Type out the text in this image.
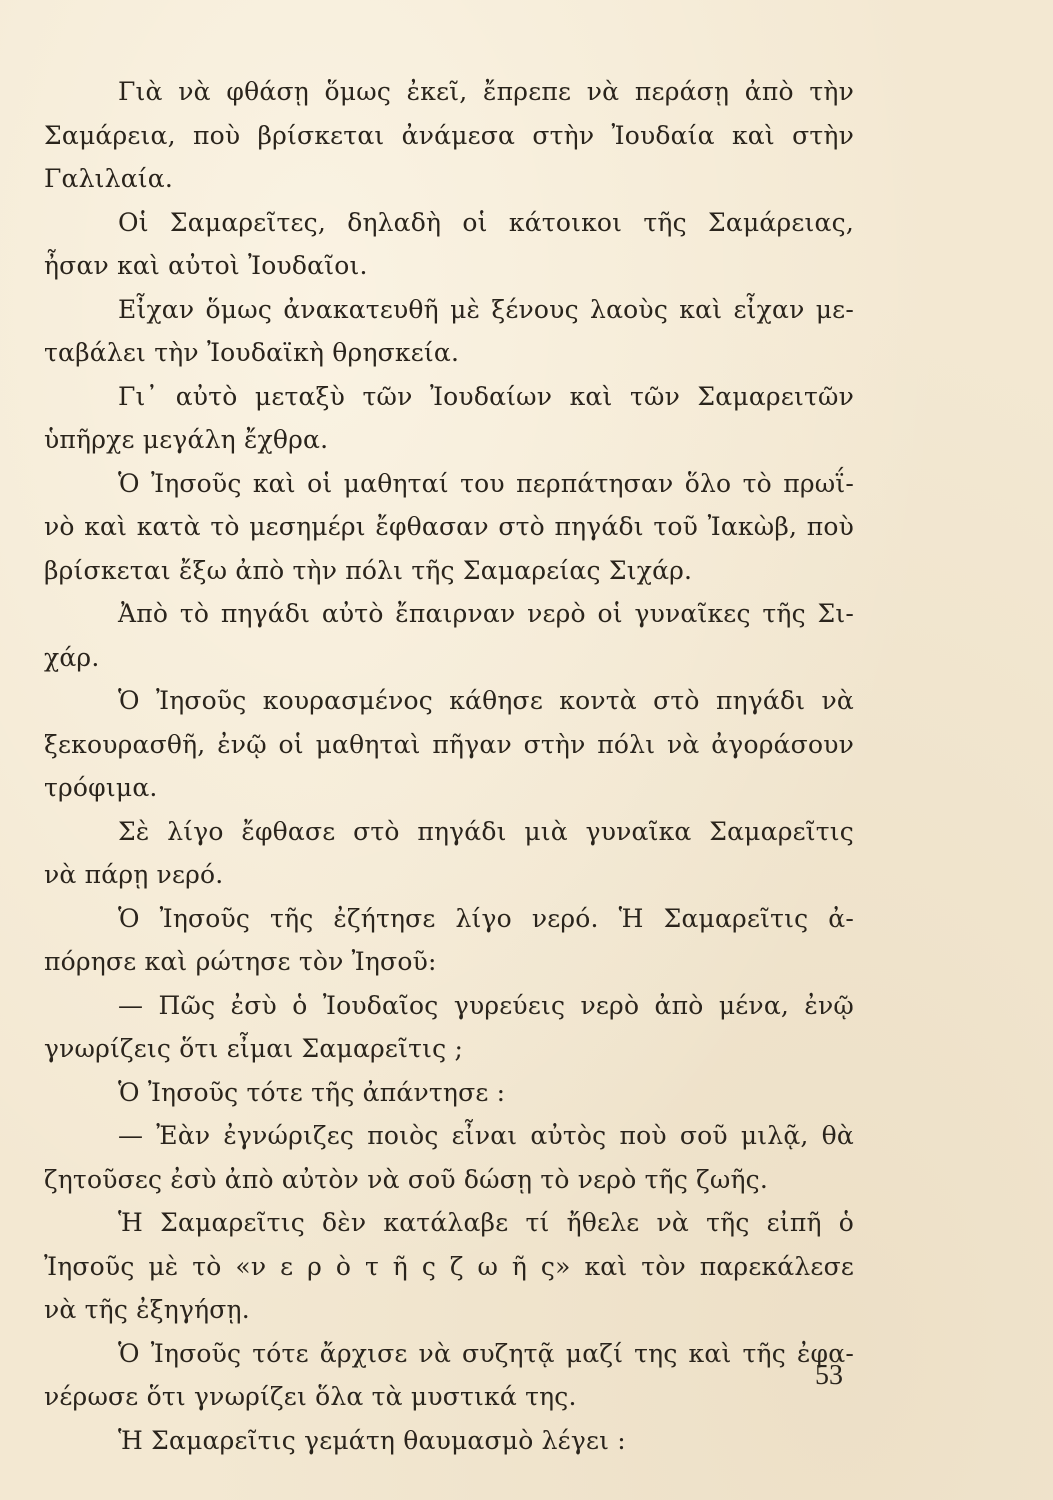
Γιὰ νὰ φθάσῃ ὅμως ἐκεῖ, ἔπρεπε νὰ περάσῃ ἀπὸ τὴν
Σαμάρεια, ποὺ βρίσκεται ἀνάμεσα στὴν Ἰουδαία καὶ στὴν
Γαλιλαία.
Οἱ Σαμαρεῖτες, δηλαδὴ οἱ κάτοικοι τῆς Σαμάρειας,
ἦσαν καὶ αὐτοὶ Ἰουδαῖοι.
Εἶχαν ὅμως ἀνακατευθῆ μὲ ξένους λαοὺς καὶ εἶχαν με-
ταβάλει τὴν Ἰουδαϊκὴ θρησκεία.
Γι᾽ αὐτὸ μεταξὺ τῶν Ἰουδαίων καὶ τῶν Σαμαρειτῶν
ὑπῆρχε μεγάλη ἔχθρα.
Ὁ Ἰησοῦς καὶ οἱ μαθηταί του περπάτησαν ὅλο τὸ πρωΐ-
νὸ καὶ κατὰ τὸ μεσημέρι ἔφθασαν στὸ πηγάδι τοῦ Ἰακὼβ, ποὺ
βρίσκεται ἔξω ἀπὸ τὴν πόλι τῆς Σαμαρείας Σιχάρ.
Ἀπὸ τὸ πηγάδι αὐτὸ ἔπαιρναν νερὸ οἱ γυναῖκες τῆς Σι-
χάρ.
Ὁ Ἰησοῦς κουρασμένος κάθησε κοντὰ στὸ πηγάδι νὰ
ξεκουρασθῆ, ἐνῷ οἱ μαθηταὶ πῆγαν στὴν πόλι νὰ ἀγοράσουν
τρόφιμα.
Σὲ λίγο ἔφθασε στὸ πηγάδι μιὰ γυναῖκα Σαμαρεῖτις
νὰ πάρῃ νερό.
Ὁ Ἰησοῦς τῆς ἐζήτησε λίγο νερό. Ἡ Σαμαρεῖτις ἀ-
πόρησε καὶ ρώτησε τὸν Ἰησοῦ:
— Πῶς ἐσὺ ὁ Ἰουδαῖος γυρεύεις νερὸ ἀπὸ μένα, ἐνῷ
γνωρίζεις ὅτι εἶμαι Σαμαρεῖτις ;
Ὁ Ἰησοῦς τότε τῆς ἀπάντησε :
— Ἐὰν ἐγνώριζες ποιὸς εἶναι αὐτὸς ποὺ σοῦ μιλᾷ, θὰ
ζητοῦσες ἐσὺ ἀπὸ αὐτὸν νὰ σοῦ δώσῃ τὸ νερὸ τῆς ζωῆς.
Ἡ Σαμαρεῖτις δὲν κατάλαβε τί ἤθελε νὰ τῆς εἰπῆ ὁ
Ἰησοῦς μὲ τὸ «ν ε ρ ὸ τ ῆ ς ζ ω ῆ ς» καὶ τὸν παρεκάλεσε
νὰ τῆς ἐξηγήσῃ.
Ὁ Ἰησοῦς τότε ἄρχισε νὰ συζητᾷ μαζί της καὶ τῆς ἐφα-
νέρωσε ὅτι γνωρίζει ὅλα τὰ μυστικά της.
Ἡ Σαμαρεῖτις γεμάτη θαυμασμὸ λέγει :
53
